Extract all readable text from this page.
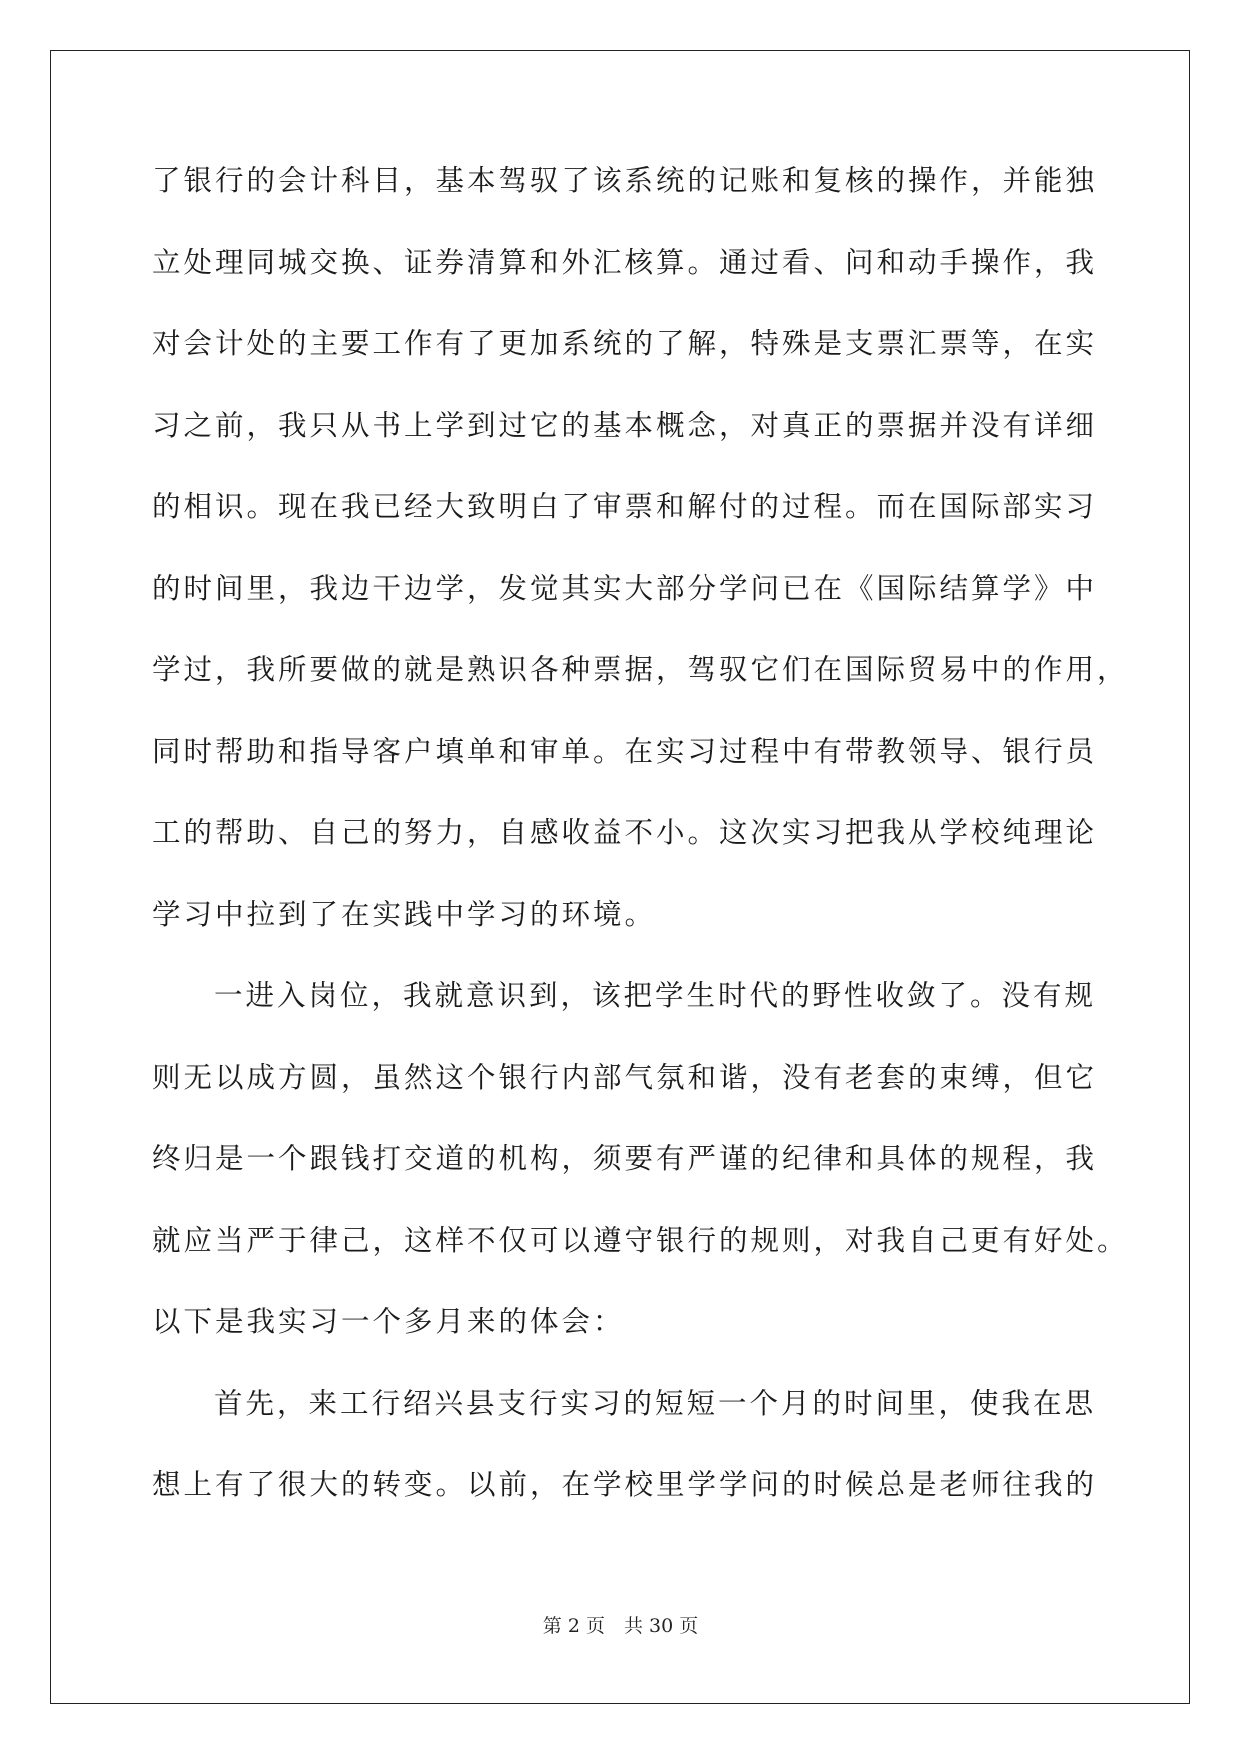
了银行的会计科目，基本驾驭了该系统的记账和复核的操作，并能独
立处理同城交换、证券清算和外汇核算。通过看、问和动手操作，我
对会计处的主要工作有了更加系统的了解，特殊是支票汇票等，在实
习之前，我只从书上学到过它的基本概念，对真正的票据并没有详细
的相识。现在我已经大致明白了审票和解付的过程。而在国际部实习
的时间里，我边干边学，发觉其实大部分学问已在《国际结算学》中
学过，我所要做的就是熟识各种票据，驾驭它们在国际贸易中的作用，
同时帮助和指导客户填单和审单。在实习过程中有带教领导、银行员
工的帮助、自己的努力，自感收益不小。这次实习把我从学校纯理论
学习中拉到了在实践中学习的环境。
一进入岗位，我就意识到，该把学生时代的野性收敛了。没有规
则无以成方圆，虽然这个银行内部气氛和谐，没有老套的束缚，但它
终归是一个跟钱打交道的机构，须要有严谨的纪律和具体的规程，我
就应当严于律己，这样不仅可以遵守银行的规则，对我自己更有好处。
以下是我实习一个多月来的体会：
首先，来工行绍兴县支行实习的短短一个月的时间里，使我在思
想上有了很大的转变。以前，在学校里学学问的时候总是老师往我的
第 2 页　共 30 页
